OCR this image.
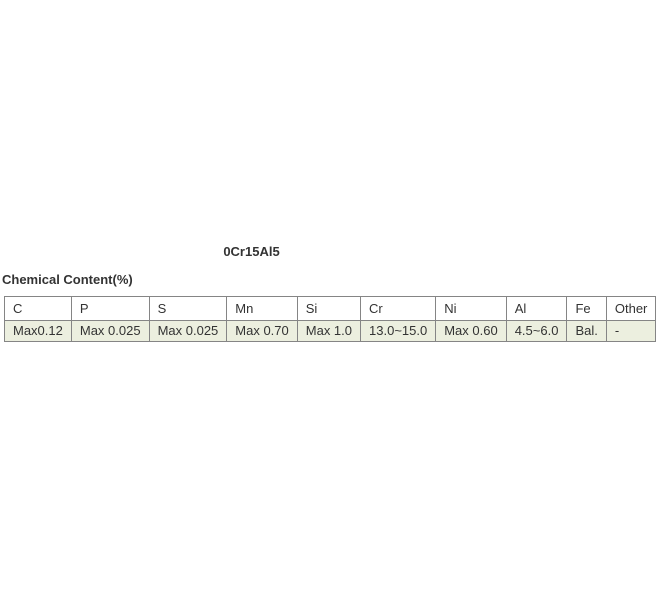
0Cr15Al5
Chemical Content(%)
C	P	S	Mn	Si	Cr	Ni	Al	Fe	Other
Max0.12	Max 0.025	Max 0.025	Max 0.70	Max 1.0	13.0~15.0	Max 0.60	4.5~6.0	Bal.	-
